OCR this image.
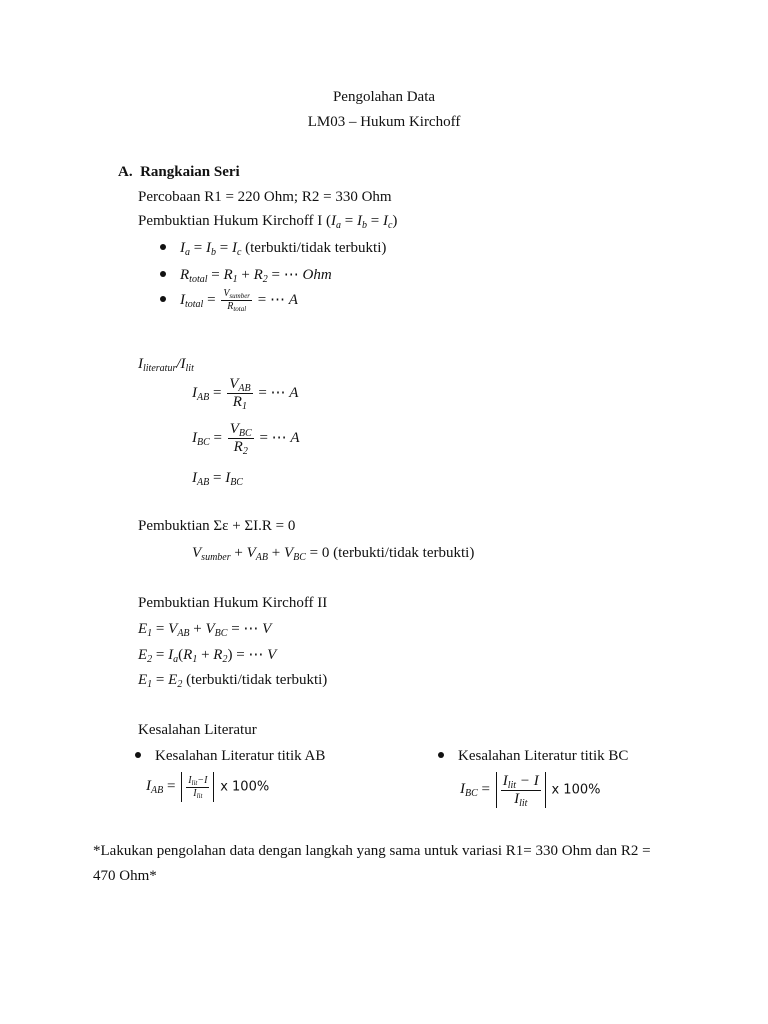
Pengolahan Data
LM03 – Hukum Kirchoff
A.  Rangkaian Seri
Percobaan R1 = 220 Ohm; R2 = 330 Ohm
Pembuktian Hukum Kirchoff I $(I_a = I_b = I_c)$
$I_a = I_b = I_c$ (terbukti/tidak terbukti)
$R_{total} = R_1 + R_2$ = ⋯ Ohm
$I_{total} = \frac{V_{sumber}}{R_{total}}$ = ⋯ A
$I_{literatur}/I_{lit}$
$I_{AB} = \frac{V_{AB}}{R_1}$ = ⋯ A
$I_{BC} = \frac{V_{BC}}{R_2}$ = ⋯ A
$I_{AB} = I_{BC}$
Pembuktian Σε + ΣI.R = 0
$V_{sumber} + V_{AB} + V_{BC} = 0$ (terbukti/tidak terbukti)
Pembuktian Hukum Kirchoff II
$E_1 = V_{AB} + V_{BC}$ = ⋯ V
$E_2 = I_a(R_1 + R_2)$ = ⋯ V
$E_1 = E_2$ (terbukti/tidak terbukti)
Kesalahan Literatur
Kesalahan Literatur titik AB	Kesalahan Literatur titik BC
$I_{AB} = \frac{I_{lit}-I}{I_{lit}}$ x 100%	$I_{BC} = \frac{I_{lit} - I}{I_{lit}}$ x 100%
*Lakukan pengolahan data dengan langkah yang sama untuk variasi R1= 330 Ohm dan R2 =
470 Ohm*
